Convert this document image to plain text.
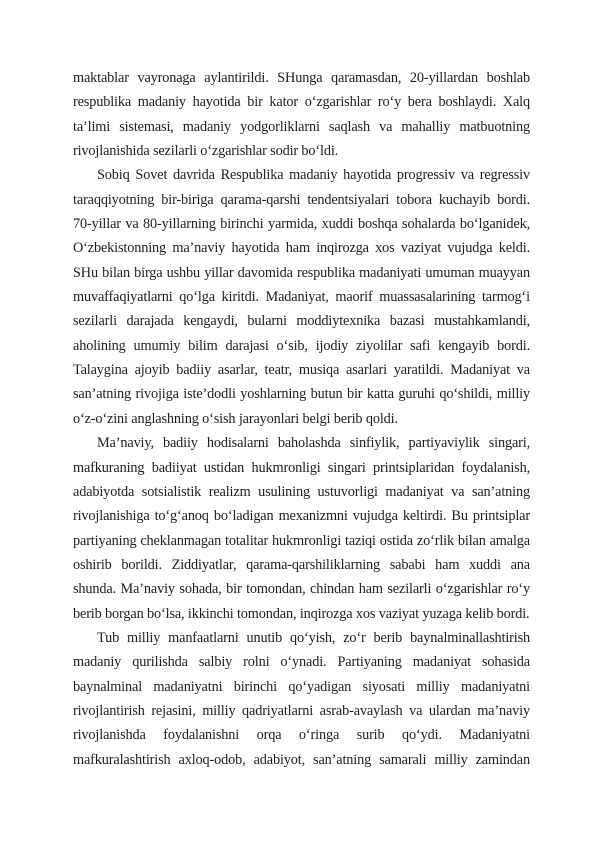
maktablar vayronaga aylantirildi. SHunga qaramasdan, 20-yillardan boshlab
respublika madaniy hayotida bir kator o‘zgarishlar ro‘y bera boshlaydi. Xalq
ta’limi sistemasi, madaniy yodgorliklarni saqlash va mahalliy matbuotning
rivojlanishida sezilarli o‘zgarishlar sodir bo‘ldi.
Sobiq Sovet davrida Respublika madaniy hayotida progressiv va regressiv
taraqqiyotning bir-biriga qarama-qarshi tendentsiyalari tobora kuchayib bordi.
70-yillar va 80-yillarning birinchi yarmida, xuddi boshqa sohalarda bo‘lganidek,
O‘zbekistonning ma’naviy hayotida ham inqirozga xos vaziyat vujudga keldi.
SHu bilan birga ushbu yillar davomida respublika madaniyati umuman muayyan
muvaffaqiyatlarni qo‘lga kiritdi. Madaniyat, maorif muassasalarining tarmog‘i
sezilarli darajada kengaydi, bularni moddiytexnika bazasi mustahkamlandi,
aholining umumiy bilim darajasi o‘sib, ijodiy ziyolilar safi kengayib bordi.
Talaygina ajoyib badiiy asarlar, teatr, musiqa asarlari yaratildi. Madaniyat va
san’atning rivojiga iste’dodli yoshlarning butun bir katta guruhi qo‘shildi, milliy
o‘z-o‘zini anglashning o‘sish jarayonlari belgi berib qoldi.
Ma’naviy, badiiy hodisalarni baholashda sinfiylik, partiyaviylik singari,
mafkuraning badiiyat ustidan hukmronligi singari printsiplaridan foydalanish,
adabiyotda sotsialistik realizm usulining ustuvorligi madaniyat va san’atning
rivojlanishiga to‘g‘anoq bo‘ladigan mexanizmni vujudga keltirdi. Bu printsiplar
partiyaning cheklanmagan totalitar hukmronligi taziqi ostida zo‘rlik bilan amalga
oshirib borildi. Ziddiyatlar, qarama-qarshiliklarning sababi ham xuddi ana
shunda. Ma’naviy sohada, bir tomondan, chindan ham sezilarli o‘zgarishlar ro‘y
berib borgan bo‘lsa, ikkinchi tomondan, inqirozga xos vaziyat yuzaga kelib bordi.
Tub milliy manfaatlarni unutib qo‘yish, zo‘r berib baynalminallashtirish
madaniy qurilishda salbiy rolni o‘ynadi. Partiyaning madaniyat sohasida
baynalminal madaniyatni birinchi qo‘yadigan siyosati milliy madaniyatni
rivojlantirish rejasini, milliy qadriyatlarni asrab-avaylash va ulardan ma’naviy
rivojlanishda foydalanishni orqa o‘ringa surib qo‘ydi. Madaniyatni
mafkuralashtirish axloq-odob, adabiyot, san’atning samarali milliy zamindan
